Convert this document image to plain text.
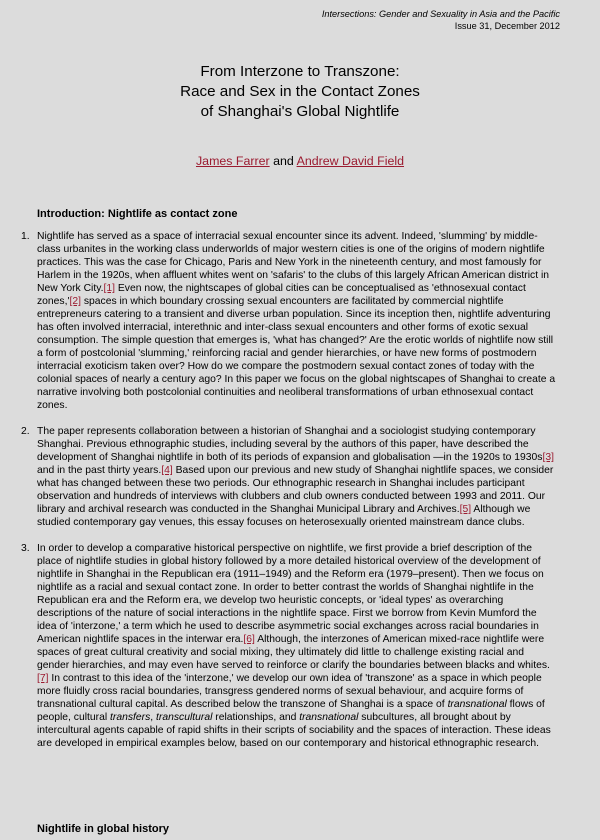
Intersections: Gender and Sexuality in Asia and the Pacific
Issue 31, December 2012
From Interzone to Transzone:
Race and Sex in the Contact Zones
of Shanghai's Global Nightlife
James Farrer and Andrew David Field
Introduction: Nightlife as contact zone
1. Nightlife has served as a space of interracial sexual encounter since its advent. Indeed, 'slumming' by middle-class urbanites in the working class underworlds of major western cities is one of the origins of modern nightlife practices. This was the case for Chicago, Paris and New York in the nineteenth century, and most famously for Harlem in the 1920s, when affluent whites went on 'safaris' to the clubs of this largely African American district in New York City.[1] Even now, the nightscapes of global cities can be conceptualised as 'ethnosexual contact zones,'[2] spaces in which boundary crossing sexual encounters are facilitated by commercial nightlife entrepreneurs catering to a transient and diverse urban population. Since its inception then, nightlife adventuring has often involved interracial, interethnic and inter-class sexual encounters and other forms of exotic sexual consumption. The simple question that emerges is, 'what has changed?' Are the erotic worlds of nightlife now still a form of postcolonial 'slumming,' reinforcing racial and gender hierarchies, or have new forms of postmodern interracial exoticism taken over? How do we compare the postmodern sexual contact zones of today with the colonial spaces of nearly a century ago? In this paper we focus on the global nightscapes of Shanghai to create a narrative involving both postcolonial continuities and neoliberal transformations of urban ethnosexual contact zones.
2. The paper represents collaboration between a historian of Shanghai and a sociologist studying contemporary Shanghai. Previous ethnographic studies, including several by the authors of this paper, have described the development of Shanghai nightlife in both of its periods of expansion and globalisation —in the 1920s to 1930s[3] and in the past thirty years.[4] Based upon our previous and new study of Shanghai nightlife spaces, we consider what has changed between these two periods. Our ethnographic research in Shanghai includes participant observation and hundreds of interviews with clubbers and club owners conducted between 1993 and 2011. Our library and archival research was conducted in the Shanghai Municipal Library and Archives.[5] Although we studied contemporary gay venues, this essay focuses on heterosexually oriented mainstream dance clubs.
3. In order to develop a comparative historical perspective on nightlife, we first provide a brief description of the place of nightlife studies in global history followed by a more detailed historical overview of the development of nightlife in Shanghai in the Republican era (1911–1949) and the Reform era (1979–present). Then we focus on nightlife as a racial and sexual contact zone. In order to better contrast the worlds of Shanghai nightlife in the Republican era and the Reform era, we develop two heuristic concepts, or 'ideal types' as overarching descriptions of the nature of social interactions in the nightlife space. First we borrow from Kevin Mumford the idea of 'interzone,' a term which he used to describe asymmetric social exchanges across racial boundaries in American nightlife spaces in the interwar era.[6] Although, the interzones of American mixed-race nightlife were spaces of great cultural creativity and social mixing, they ultimately did little to challenge existing racial and gender hierarchies, and may even have served to reinforce or clarify the boundaries between blacks and whites.[7] In contrast to this idea of the 'interzone,' we develop our own idea of 'transzone' as a space in which people more fluidly cross racial boundaries, transgress gendered norms of sexual behaviour, and acquire forms of transnational cultural capital. As described below the transzone of Shanghai is a space of transnational flows of people, cultural transfers, transcultural relationships, and transnational subcultures, all brought about by intercultural agents capable of rapid shifts in their scripts of sociability and the spaces of interaction. These ideas are developed in empirical examples below, based on our contemporary and historical ethnographic research.
Nightlife in global history
